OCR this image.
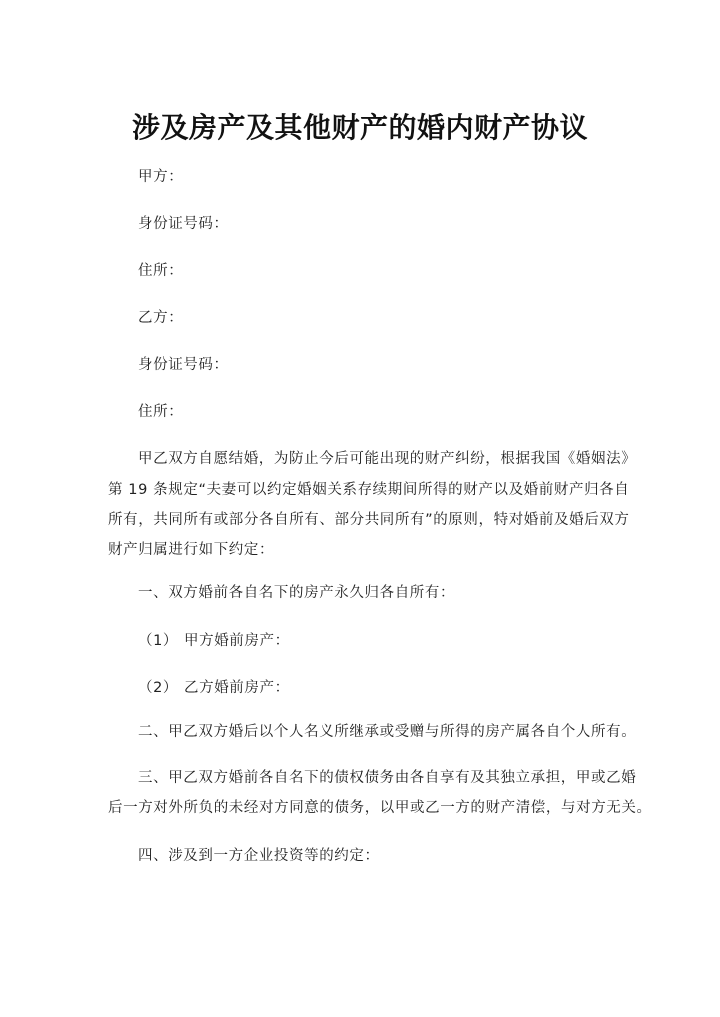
涉及房产及其他财产的婚内财产协议

甲方：

身份证号码：

住所：

乙方：

身份证号码：

住所：

甲乙双方自愿结婚，为防止今后可能出现的财产纠纷，根据我国《婚姻法》

第 19 条规定“夫妻可以约定婚姻关系存续期间所得的财产以及婚前财产归各自

所有，共同所有或部分各自所有、部分共同所有”的原则，特对婚前及婚后双方

财产归属进行如下约定：

一、双方婚前各自名下的房产永久归各自所有：

（1） 甲方婚前房产：

（2） 乙方婚前房产：

二、甲乙双方婚后以个人名义所继承或受赠与所得的房产属各自个人所有。

三、甲乙双方婚前各自名下的债权债务由各自享有及其独立承担，甲或乙婚

后一方对外所负的未经对方同意的债务，以甲或乙一方的财产清偿，与对方无关。

四、涉及到一方企业投资等的约定：
